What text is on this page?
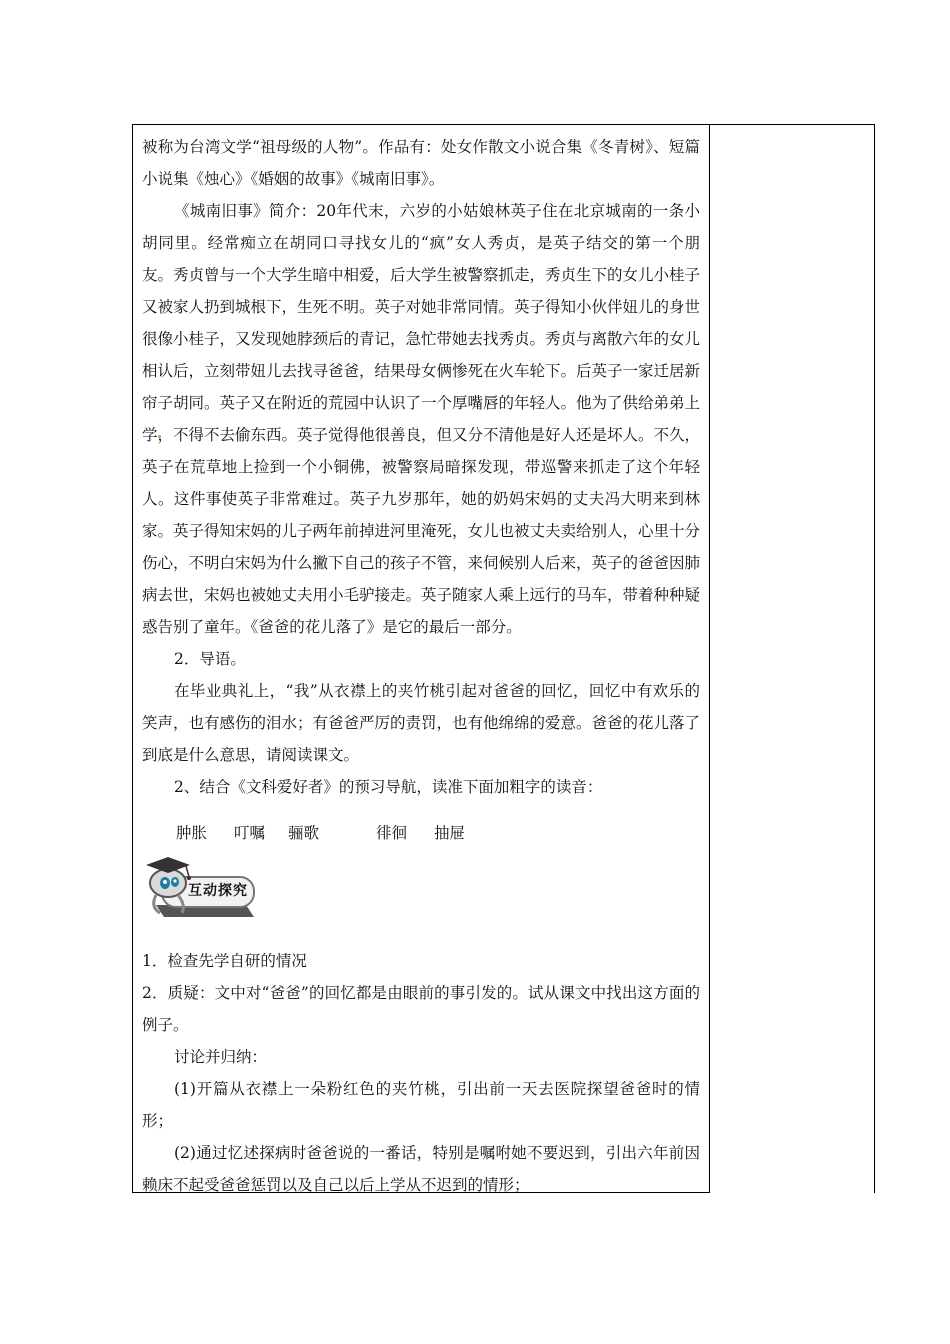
被称为台湾文学“祖母级的人物”。作品有：处女作散文小说合集《冬青树》、短篇小说集《烛心》《婚姻的故事》《城南旧事》。

《城南旧事》简介：20年代末，六岁的小姑娘林英子住在北京城南的一条小胡同里。经常痴立在胡同口寻找女儿的“疯”女人秀贞，是英子结交的第一个朋友。秀贞曾与一个大学生暗中相爱，后大学生被警察抓走，秀贞生下的女儿小桂子又被家人扔到城根下，生死不明。英子对她非常同情。英子得知小伙伴妞儿的身世很像小桂子，又发现她脖颈后的青记，急忙带她去找秀贞。秀贞与离散六年的女儿相认后，立刻带妞儿去找寻爸爸，结果母女俩惨死在火车轮下。后英子一家迁居新帘子胡同。英子又在附近的荒园中认识了一个厚嘴唇的年轻人。他为了供给弟弟上学，不得不去偷东西。英子觉得他很善良，但又分不清他是好人还是坏人。不久，英子在荒草地上捡到一个小铜佛，被警察局暗探发现，带巡警来抓走了这个年轻人。这件事使英子非常难过。英子九岁那年，她的奶妈宋妈的丈夫冯大明来到林家。英子得知宋妈的儿子两年前掉进河里淹死，女儿也被丈夫卖给别人，心里十分伤心，不明白宋妈为什么撇下自己的孩子不管，来伺候别人后来，英子的爸爸因肺病去世，宋妈也被她丈夫用小毛驴接走。英子随家人乘上远行的马车，带着种种疑惑告别了童年。《爸爸的花儿落了》是它的最后一部分。

2．导语。

在毕业典礼上，“我”从衣襟上的夹竹桃引起对爸爸的回忆，回忆中有欢乐的笑声，也有感伤的泪水；有爸爸严厉的责罚，也有他绵绵的爱意。爸爸的花儿落了到底是什么意思，请阅读课文。

2、结合《文科爱好者》的预习导航，读准下面加粗字的读音：

肿胀 叮嘱 骊歌	徘徊 抽屉
互动探究

1．检查先学自研的情况

2．质疑：文中对“爸爸”的回忆都是由眼前的事引发的。试从课文中找出这方面的例子。

讨论并归纳：

(1)开篇从衣襟上一朵粉红色的夹竹桃，引出前一天去医院探望爸爸时的情形；

(2)通过忆述探病时爸爸说的一番话，特别是嘱咐她不要迟到，引出六年前因赖床不起受爸爸惩罚以及自己以后上学从不迟到的情形；
